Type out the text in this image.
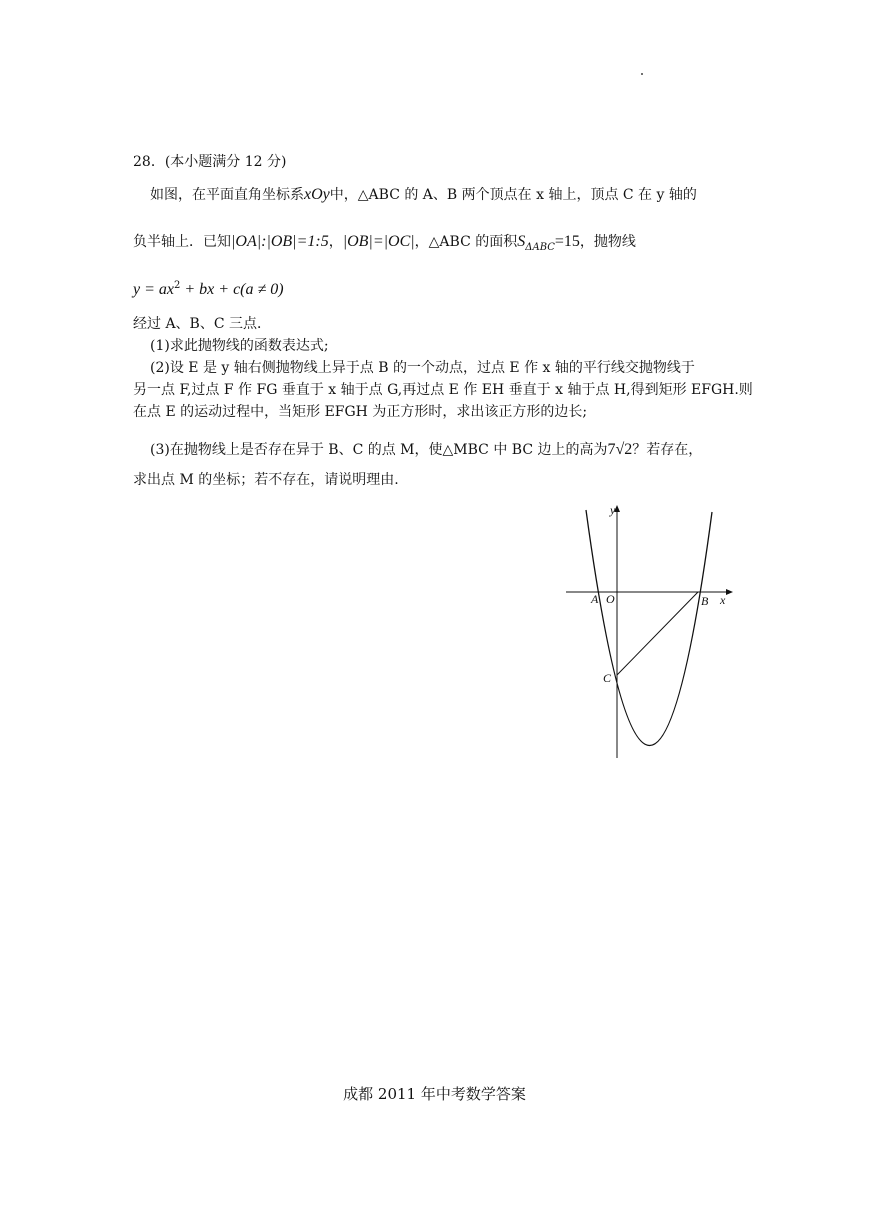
28．(本小题满分 12 分)
如图，在平面直角坐标系xOy中，△ABC 的 A、B 两个顶点在 x 轴上，顶点 C 在 y 轴的
负半轴上．已知|OA|:|OB|=1:5，|OB|=|OC|，△ABC 的面积$S_{\Delta ABC}=15$，抛物线
$y = ax^2$ + bx + c(a ≠ 0)
经过 A、B、C 三点．
(1)求此抛物线的函数表达式;
(2)设 E 是 y 轴右侧抛物线上异于点 B 的一个动点，过点 E 作 x 轴的平行线交抛物线于
另一点 F,过点 F 作 FG 垂直于 x 轴于点 G,再过点 E 作 EH 垂直于 x 轴于点 H,得到矩形 EFGH.则
在点 E 的运动过程中，当矩形 EFGH 为正方形时，求出该正方形的边长;
(3)在抛物线上是否存在异于 B、C 的点 M，使△MBC 中 BC 边上的高为7√2？若存在，
求出点 M 的坐标；若不存在，请说明理由.
y
x
A O	B
C
成都 2011 年中考数学答案
